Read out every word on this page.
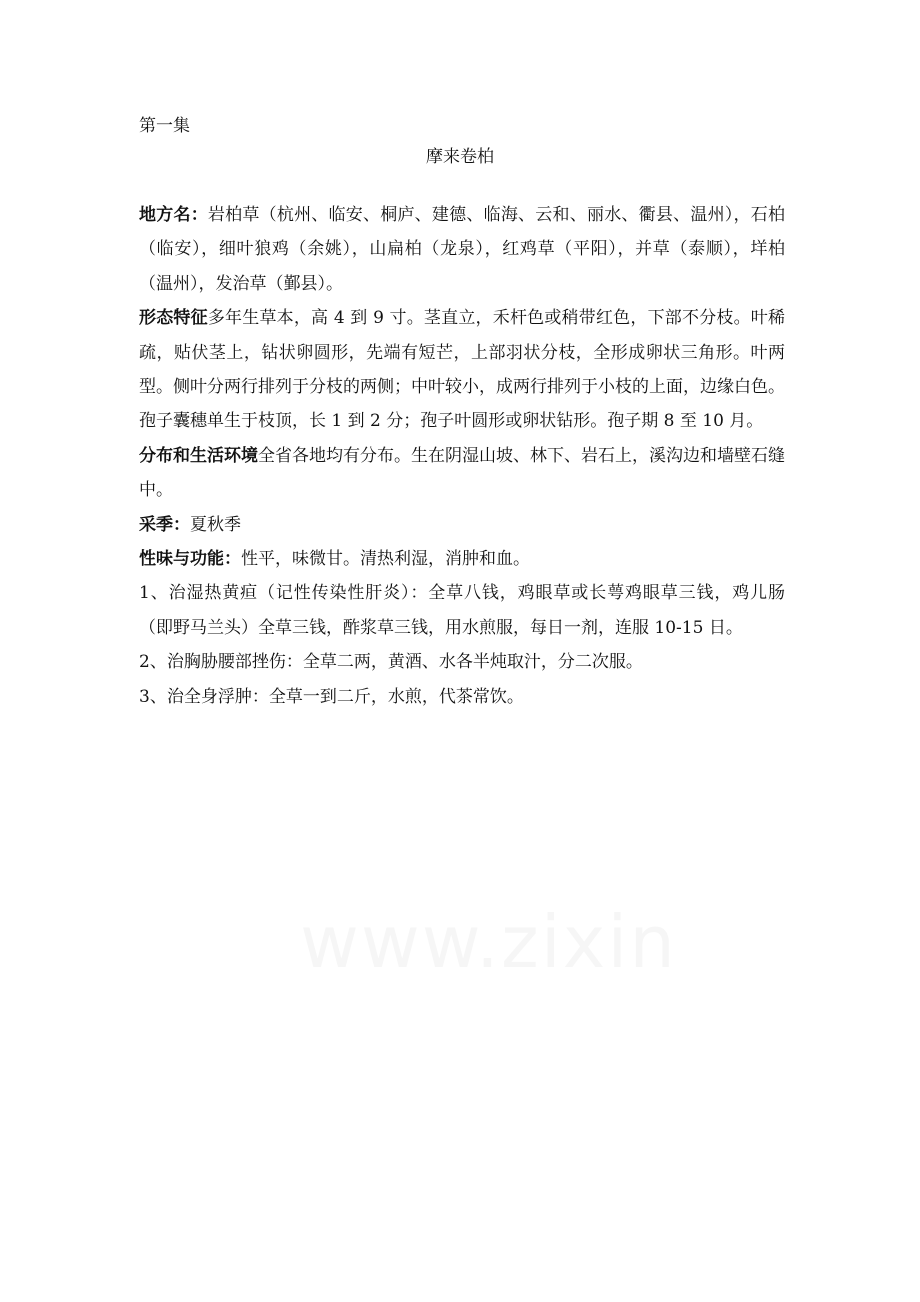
第一集
摩来卷柏

地方名：岩柏草（杭州、临安、桐庐、建德、临海、云和、丽水、衢县、温州），石柏（临安），细叶狼鸡（余姚），山扁柏（龙泉），红鸡草（平阳），并草（泰顺），垟柏（温州），发治草（鄞县）。

形态特征多年生草本，高 4 到 9 寸。茎直立，禾杆色或稍带红色，下部不分枝。叶稀疏，贴伏茎上，钻状卵圆形，先端有短芒，上部羽状分枝，全形成卵状三角形。叶两型。侧叶分两行排列于分枝的两侧；中叶较小，成两行排列于小枝的上面，边缘白色。孢子囊穗单生于枝顶，长 1 到 2 分；孢子叶圆形或卵状钻形。孢子期 8 至 10 月。

分布和生活环境全省各地均有分布。生在阴湿山坡、林下、岩石上，溪沟边和墙壁石缝中。

采季：夏秋季

性味与功能：性平，味微甘。清热利湿，消肿和血。

1、治湿热黄疸（记性传染性肝炎）：全草八钱，鸡眼草或长萼鸡眼草三钱，鸡儿肠（即野马兰头）全草三钱，酢浆草三钱，用水煎服，每日一剂，连服 10-15 日。

2、治胸胁腰部挫伤：全草二两，黄酒、水各半炖取汁，分二次服。

3、治全身浮肿：全草一到二斤，水煎，代茶常饮。
